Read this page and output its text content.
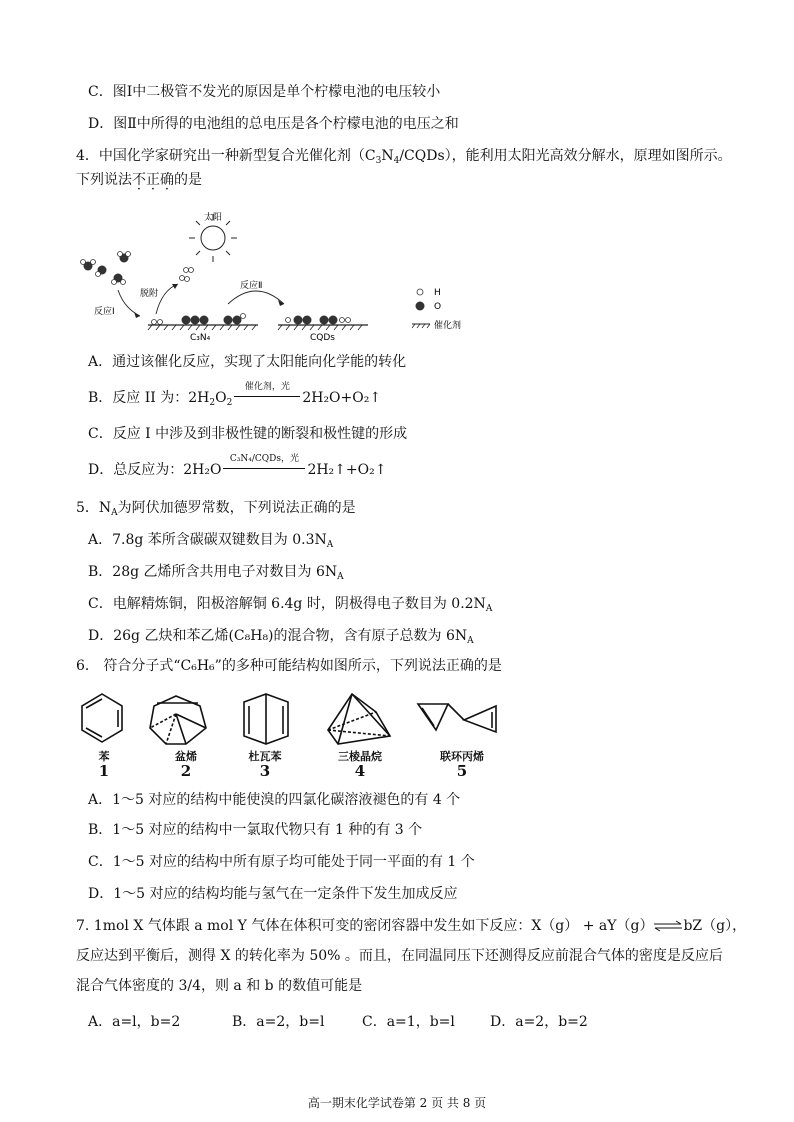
C．图Ⅰ中二极管不发光的原因是单个柠檬电池的电压较小
D．图Ⅱ中所得的电池组的总电压是各个柠檬电池的电压之和
4．中国化学家研究出一种新型复合光催化剂$(C_3N_4/CQDs)$，能利用太阳光高效分解水，原理如图所示。
下列说法不正确的是
太阳
反应Ⅰ
脱附
C₃N₄
反应Ⅱ
CQDs
H
O
催化剂
A．通过该催化反应，实现了太阳能向化学能的转化
B．反应 II 为：$2H_2O_2$
催化剂，光
2H₂O+O₂↑
C．反应 I 中涉及到非极性键的断裂和极性键的形成
D．总反应为：2H₂O
C₃N₄/CQDs，光
2H₂↑+O₂↑
5．$N_A$为阿伏加德罗常数，下列说法正确的是
A．7.8g 苯所含碳碳双键数目为 $0.3N_A$
B．28g 乙烯所含共用电子对数目为 $6N_A$
C．电解精炼铜，阳极溶解铜 6.4g 时，阴极得电子数目为 $0.2N_A$
D．26g 乙炔和苯乙烯(C₈H₈)的混合物，含有原子总数为 $6N_A$
6． 符合分子式“C₆H₆”的多种可能结构如图所示，下列说法正确的是
苯
1
盆烯
2
杜瓦苯
3
三棱晶烷
4
联环丙烯
5
A．1～5 对应的结构中能使溴的四氯化碳溶液褪色的有 4 个
B．1～5 对应的结构中一氯取代物只有 1 种的有 3 个
C．1～5 对应的结构中所有原子均可能处于同一平面的有 1 个
D．1～5 对应的结构均能与氢气在一定条件下发生加成反应
7. 1mol X 气体跟 a mol Y 气体在体积可变的密闭容器中发生如下反应：X（g） + aY（g）⇌bZ（g），
反应达到平衡后，测得 X 的转化率为 50% 。而且，在同温同压下还测得反应前混合气体的密度是反应后
混合气体密度的 3/4，则 a 和 b 的数值可能是
A．a=l，b=2	B．a=2，b=l	C．a=1，b=l	D．a=2，b=2
高一期末化学试卷第 2 页 共 8 页
